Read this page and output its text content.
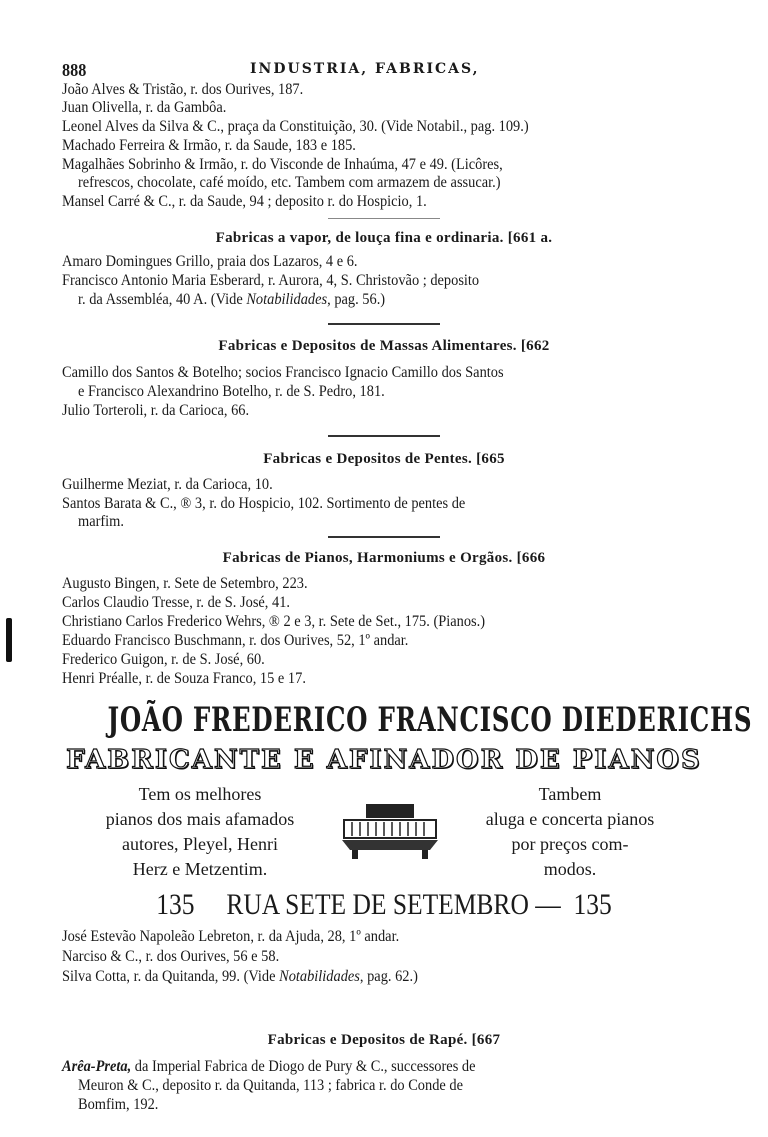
888	INDUSTRIA, FABRICAS,
João Alves & Tristão, r. dos Ourives, 187.
Juan Olivella, r. da Gambôa.
Leonel Alves da Silva & C., praça da Constituição, 30. (Vide Notabil., pag. 109.)
Machado Ferreira & Irmão, r. da Saude, 183 e 185.
Magalhães Sobrinho & Irmão, r. do Visconde de Inhaúma, 47 e 49. (Licôres,
refrescos, chocolate, café moído, etc. Tambem com armazem de assucar.)
Mansel Carré & C., r. da Saude, 94 ; deposito r. do Hospicio, 1.
Fabricas a vapor, de louça fina e ordinaria. [661 a.
Amaro Domingues Grillo, praia dos Lazaros, 4 e 6.
Francisco Antonio Maria Esberard, r. Aurora, 4, S. Christovão ; deposito
r. da Assembléa, 40 A. (Vide Notabilidades, pag. 56.)
Fabricas e Depositos de Massas Alimentares. [662
Camillo dos Santos & Botelho; socios Francisco Ignacio Camillo dos Santos
e Francisco Alexandrino Botelho, r. de S. Pedro, 181.
Julio Torteroli, r. da Carioca, 66.
Fabricas e Depositos de Pentes. [665
Guilherme Meziat, r. da Carioca, 10.
Santos Barata & C., ® 3, r. do Hospicio, 102. Sortimento de pentes de
marfim.
Fabricas de Pianos, Harmoniums e Orgãos. [666
Augusto Bingen, r. Sete de Setembro, 223.
Carlos Claudio Tresse, r. de S. José, 41.
Christiano Carlos Frederico Wehrs, ® 2 e 3, r. Sete de Set., 175. (Pianos.)
Eduardo Francisco Buschmann, r. dos Ourives, 52, 1º andar.
Frederico Guigon, r. de S. José, 60.
Henri Préalle, r. de Souza Franco, 15 e 17.
JOÃO FREDERICO FRANCISCO DIEDERICHS
FABRICANTE E AFINADOR DE PIANOS
Tem os melhores
pianos dos mais afamados
autores, Pleyel, Henri
Herz e Metzentim.
Tambem
aluga e concerta pianos
por preços com-
modos.
135 RUA SETE DE SETEMBRO — 135
José Estevão Napoleão Lebreton, r. da Ajuda, 28, 1º andar.
Narciso & C., r. dos Ourives, 56 e 58.
Silva Cotta, r. da Quitanda, 99. (Vide Notabilidades, pag. 62.)
Fabricas e Depositos de Rapé. [667
Arêa-Preta, da Imperial Fabrica de Diogo de Pury & C., successores de
Meuron & C., deposito r. da Quitanda, 113 ; fabrica r. do Conde de
Bomfim, 192.
